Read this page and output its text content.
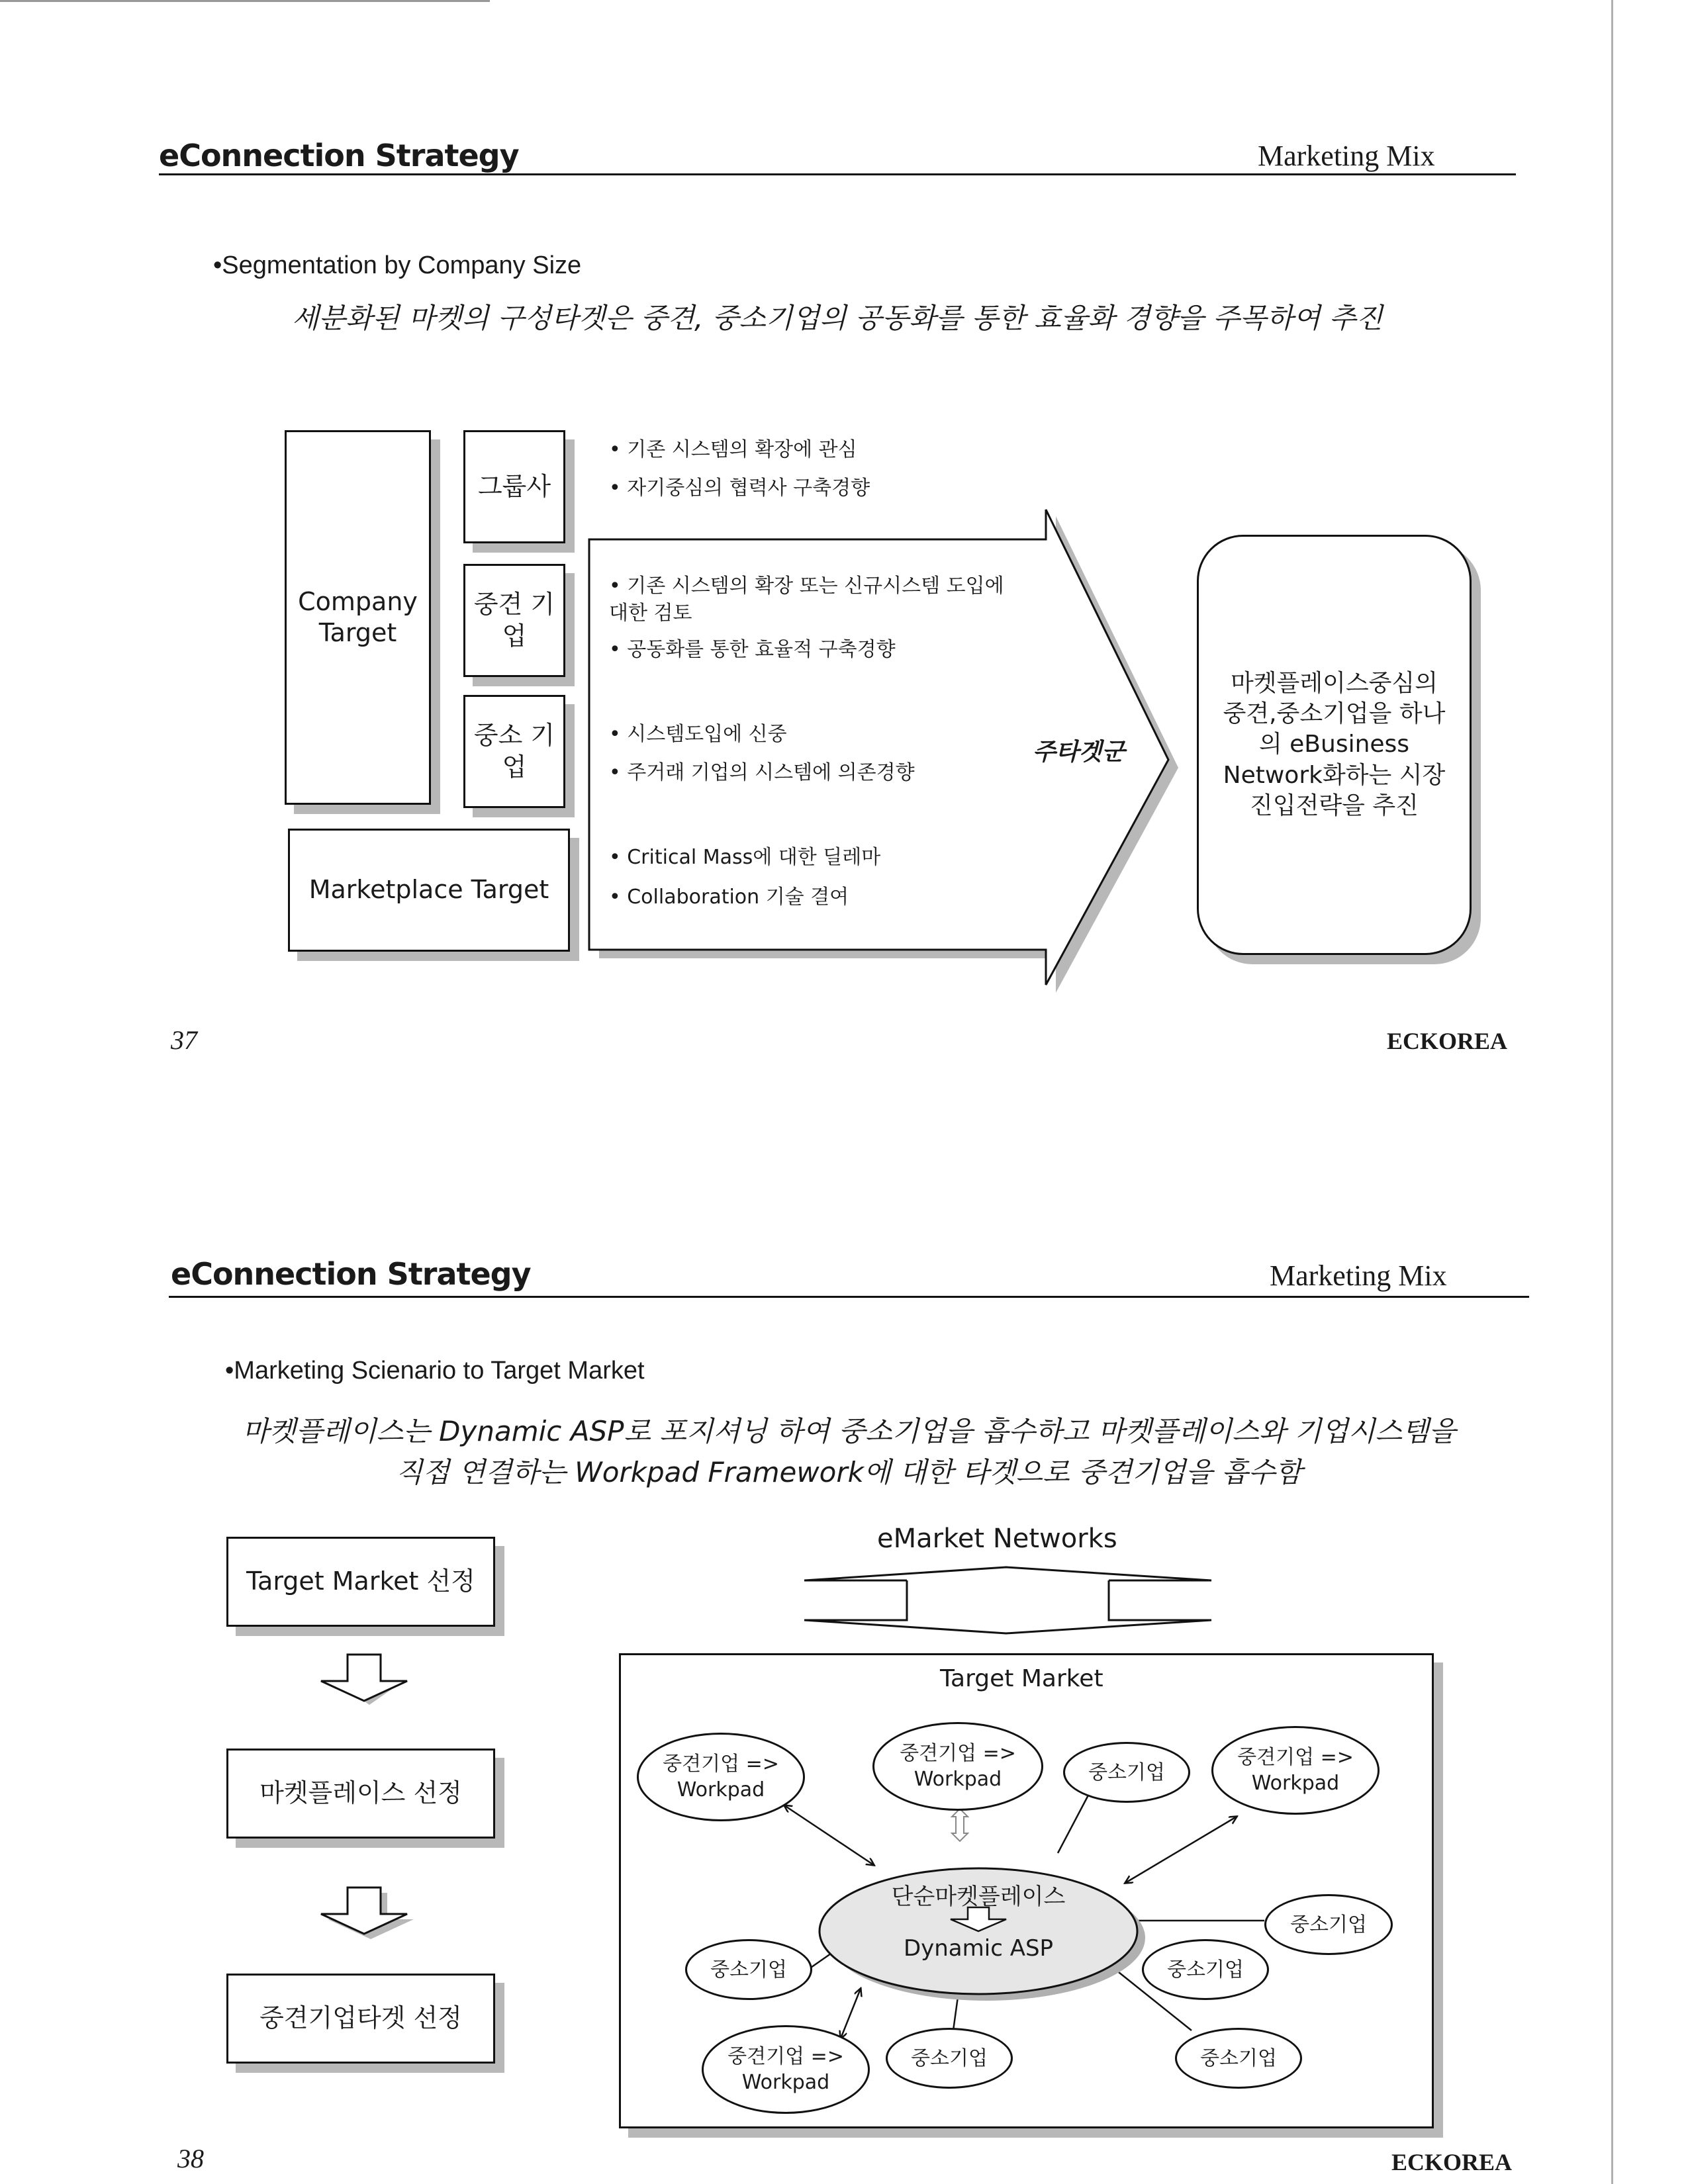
eConnection Strategy	Marketing Mix
•Segmentation by Company Size
세분화된 마켓의 구성타겟은 중견, 중소기업의 공동화를 통한 효율화 경향을 주목하여 추진
Company Target
그룹사
중견 기업
중소 기업
Marketplace Target
• 기존 시스템의 확장에 관심
• 자기중심의 협력사 구축경향
• 기존 시스템의 확장 또는 신규시스템 도입에 대한 검토
• 공동화를 통한 효율적 구축경향
• 시스템도입에 신중
• 주거래 기업의 시스템에 의존경향
• Critical Mass에 대한 딜레마
• Collaboration 기술 결여
주타겟군
마켓플레이스중심의 중견,중소기업을 하나의 eBusiness Network화하는 시장진입전략을 추진
37	ECKOREA
eConnection Strategy	Marketing Mix
•Marketing Scienario to Target Market
마켓플레이스는 Dynamic ASP로 포지셔닝 하여 중소기업을 흡수하고 마켓플레이스와 기업시스템을
직접 연결하는 Workpad Framework에 대한 타겟으로 중견기업을 흡수함
Target Market 선정
마켓플레이스 선정
중견기업타겟 선정
eMarket Networks
Target Market
단순마켓플레이스
Dynamic ASP
중견기업 => Workpad
중견기업 => Workpad	중소기업
중견기업 => Workpad
중소기업
중소기업
중소기업
중견기업 => Workpad
중소기업	중소기업
38	ECKOREA
